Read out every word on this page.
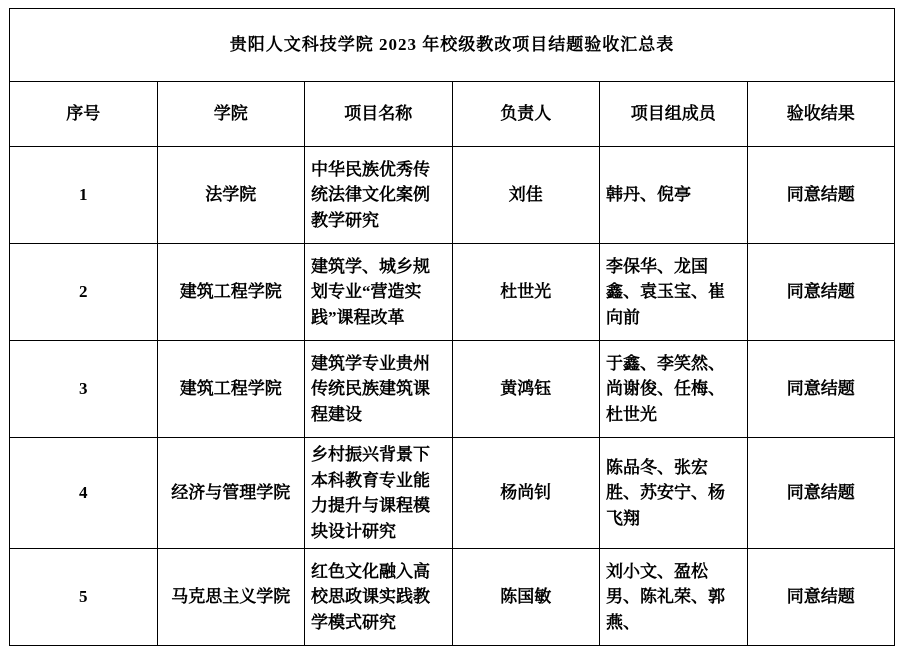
贵阳人文科技学院 2023 年校级教改项目结题验收汇总表					
序号	学院	项目名称	负责人	项目组成员	验收结果
1	法学院	中华民族优秀传统法律文化案例教学研究	刘佳	韩丹、倪亭	同意结题
2	建筑工程学院	建筑学、城乡规划专业“营造实践”课程改革	杜世光	李保华、龙国鑫、袁玉宝、崔向前	同意结题
3	建筑工程学院	建筑学专业贵州传统民族建筑课程建设	黄鸿钰	于鑫、李笑然、尚谢俊、任梅、杜世光	同意结题
4	经济与管理学院	乡村振兴背景下本科教育专业能力提升与课程模块设计研究	杨尚钊	陈品冬、张宏胜、苏安宁、杨飞翔	同意结题
5	马克思主义学院	红色文化融入高校思政课实践教学模式研究	陈国敏	刘小文、盈松男、陈礼荣、郭燕、	同意结题
